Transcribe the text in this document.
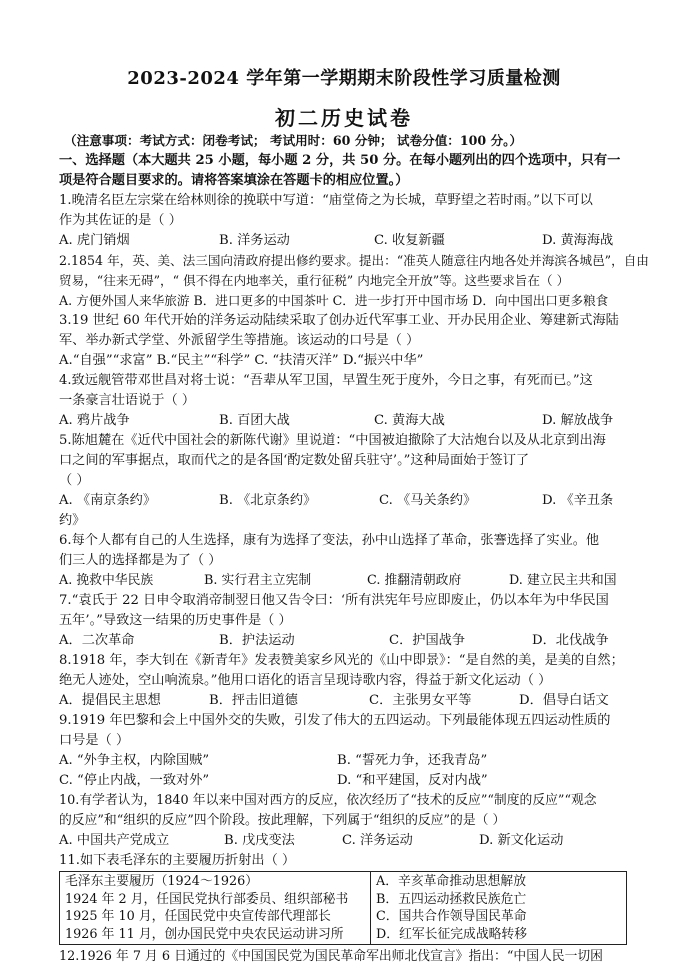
2023-2024 学年第一学期期末阶段性学习质量检测
初二历史试卷
（注意事项：考试方式：闭卷考试； 考试用时：60 分钟； 试卷分值：100 分。）
一、选择题（本大题共 25 小题，每小题 2 分，共 50 分。在每小题列出的四个选项中，只有一
项是符合题目要求的。请将答案填涂在答题卡的相应位置。）
1.晚清名臣左宗棠在给林则徐的挽联中写道：“庙堂倚之为长城，草野望之若时雨。”以下可以
作为其佐证的是（ ）
A. 虎门销烟	B. 洋务运动	C. 收复新疆	D. 黄海海战
2.1854 年，英、美、法三国向清政府提出修约要求。提出：“准英人随意往内地各处并海滨各城邑”，自由
贸易，“往来无碍”，“ 俱不得在内地率关，重行征税” 内地完全开放”等。这些要求旨在（ ）
A. 方便外国人来华旅游 B．进口更多的中国茶叶 C．进一步打开中国市场 D．向中国出口更多粮食
3.19 世纪 60 年代开始的洋务运动陆续采取了创办近代军事工业、开办民用企业、筹建新式海陆
军、举办新式学堂、外派留学生等措施。该运动的口号是（ ）
A.“自强”“求富” B.“民主”“科学” C. “扶清灭洋” D.“振兴中华”
4.致远舰管带邓世昌对将士说：“吾辈从军卫国，早置生死于度外，今日之事，有死而已。”这
一条豪言壮语说于（ ）
A. 鸦片战争	B. 百团大战	C. 黄海大战	D. 解放战争
5.陈旭麓在《近代中国社会的新陈代谢》里说道：“中国被迫撤除了大沽炮台以及从北京到出海
口之间的军事据点，取而代之的是各国‘酌定数处留兵驻守’。”这种局面始于签订了
（ ）
A. 《南京条约》	B. 《北京条约》	C. 《马关条约》	D. 《辛丑条
约》
6.每个人都有自己的人生选择，康有为选择了变法，孙中山选择了革命，张謇选择了实业。他
们三人的选择都是为了（ ）
A. 挽救中华民族	B. 实行君主立宪制	C. 推翻清朝政府	D. 建立民主共和国
7.“袁氏于 22 日申令取消帝制翌日他又告令曰：‘所有洪宪年号应即废止，仍以本年为中华民国
五年’。”导致这一结果的历史事件是（ ）
A．二次革命	B．护法运动	C．护国战争	D．北伐战争
8.1918 年，李大钊在《新青年》发表赞美家乡风光的《山中即景》：“是自然的美，是美的自然；
绝无人迹处，空山响流泉。”他用口语化的语言呈现诗歌内容，得益于新文化运动（ ）
A．提倡民主思想	B．抨击旧道德	C．主张男女平等	D．倡导白话文
9.1919 年巴黎和会上中国外交的失败，引发了伟大的五四运动。下列最能体现五四运动性质的
口号是（ ）
A. “外争主权，内除国贼”	B. “誓死力争，还我青岛”
C. “停止内战，一致对外”	D. “和平建国，反对内战”
10.有学者认为，1840 年以来中国对西方的反应，依次经历了“技术的反应”“制度的反应”“观念
的反应”和“组织的反应”四个阶段。按此理解，下列属于“组织的反应”的是（ ）
A. 中国共产党成立	B. 戊戌变法	C. 洋务运动	D. 新文化运动
11.如下表毛泽东的主要履历折射出（ ）
毛泽东主要履历（1924～1926）
1924 年 2 月，任国民党执行部委员、组织部秘书
1925 年 10 月，任国民党中央宣传部代理部长
1926 年 11 月，创办国民党中央农民运动讲习所

A．辛亥革命推动思想解放
B．五四运动拯救民族危亡
C．国共合作领导国民革命
D．红军长征完成战略转移
12.1926 年 7 月 6 日通过的《中国国民党为国民革命军出师北伐宣言》指出：“中国人民一切困
